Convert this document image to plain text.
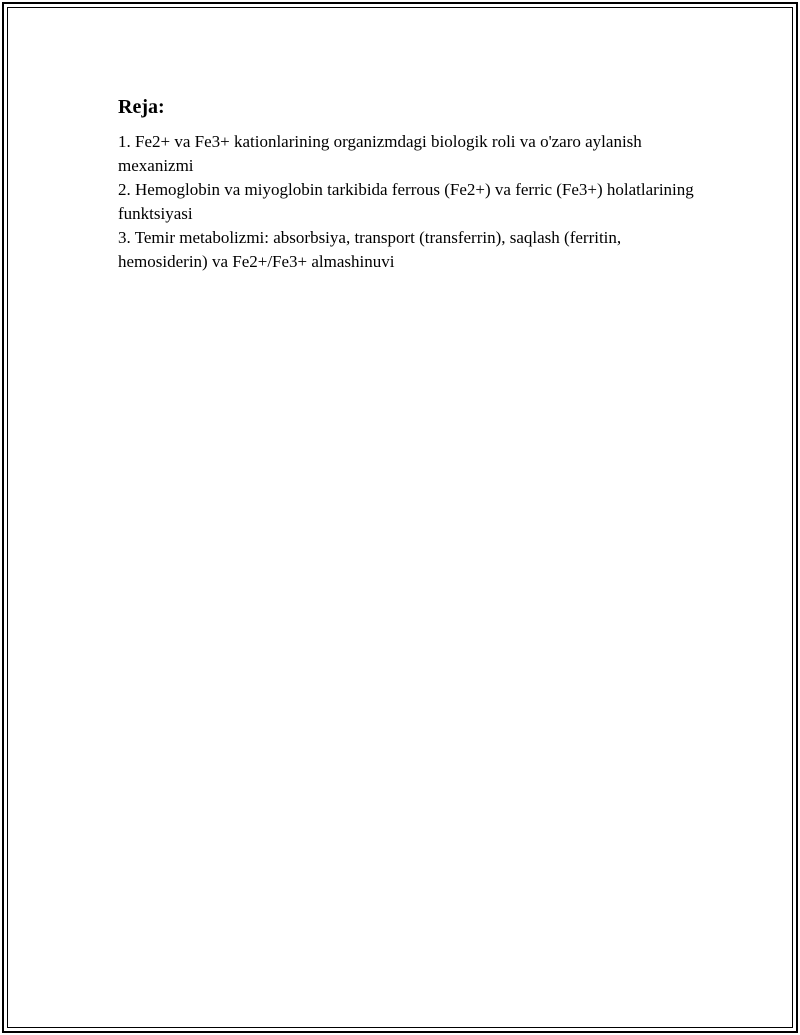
Reja:
1. Fe2+ va Fe3+ kationlarining organizmdagi biologik roli va o'zaro aylanish mexanizmi
2. Hemoglobin va miyoglobin tarkibida ferrous (Fe2+) va ferric (Fe3+) holatlarining funktsiyasi
3. Temir metabolizmi: absorbsiya, transport (transferrin), saqlash (ferritin, hemosiderin) va Fe2+/Fe3+ almashinuvi
